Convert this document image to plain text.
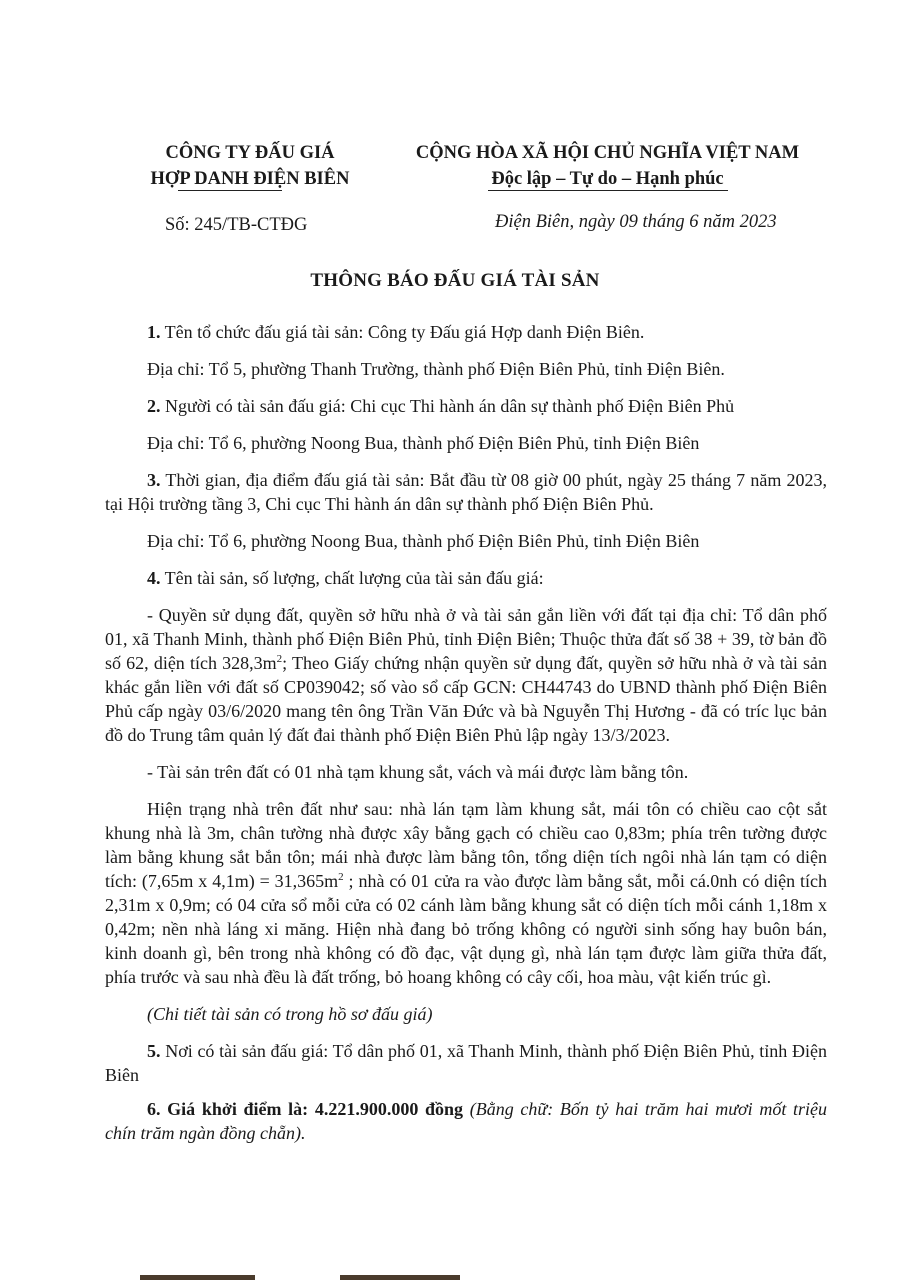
CÔNG TY ĐẤU GIÁ
HỢP DANH ĐIỆN BIÊN
CỘNG HÒA XÃ HỘI CHỦ NGHĨA VIỆT NAM
Độc lập – Tự do – Hạnh phúc
Số: 245/TB-CTĐG	Điện Biên, ngày 09 tháng 6 năm 2023
THÔNG BÁO ĐẤU GIÁ TÀI SẢN

1. Tên tổ chức đấu giá tài sản: Công ty Đấu giá Hợp danh Điện Biên.

Địa chỉ: Tổ 5, phường Thanh Trường, thành phố Điện Biên Phủ, tỉnh Điện Biên.

2. Người có tài sản đấu giá: Chi cục Thi hành án dân sự thành phố Điện Biên Phủ

Địa chỉ: Tổ 6, phường Noong Bua, thành phố Điện Biên Phủ, tỉnh Điện Biên

3. Thời gian, địa điểm đấu giá tài sản: Bắt đầu từ 08 giờ 00 phút, ngày 25 tháng 7 năm 2023, tại Hội trường tầng 3, Chi cục Thi hành án dân sự thành phố Điện Biên Phủ.

Địa chỉ: Tổ 6, phường Noong Bua, thành phố Điện Biên Phủ, tỉnh Điện Biên

4. Tên tài sản, số lượng, chất lượng của tài sản đấu giá:

- Quyền sử dụng đất, quyền sở hữu nhà ở và tài sản gắn liền với đất tại địa chỉ: Tổ dân phố 01, xã Thanh Minh, thành phố Điện Biên Phủ, tỉnh Điện Biên; Thuộc thửa đất số 38 + 39, tờ bản đồ số 62, diện tích $328,3m^2$; Theo Giấy chứng nhận quyền sử dụng đất, quyền sở hữu nhà ở và tài sản khác gắn liền với đất số CP039042; số vào sổ cấp GCN: CH44743 do UBND thành phố Điện Biên Phủ cấp ngày 03/6/2020 mang tên ông Trần Văn Đức và bà Nguyễn Thị Hương - đã có tríc lục bản đồ do Trung tâm quản lý đất đai thành phố Điện Biên Phủ lập ngày 13/3/2023.

- Tài sản trên đất có 01 nhà tạm khung sắt, vách và mái được làm bằng tôn.

Hiện trạng nhà trên đất như sau: nhà lán tạm làm khung sắt, mái tôn có chiều cao cột sắt khung nhà là 3m, chân tường nhà được xây bằng gạch có chiều cao 0,83m; phía trên tường được làm bằng khung sắt bắn tôn; mái nhà được làm bằng tôn, tổng diện tích ngôi nhà lán tạm có diện tích: (7,65m x $4,1m) = 31,365m^2$ ; nhà có 01 cửa ra vào được làm bằng sắt, mỗi cá.0nh có diện tích 2,31m x 0,9m; có 04 cửa sổ mỗi cửa có 02 cánh làm bằng khung sắt có diện tích mỗi cánh 1,18m x 0,42m; nền nhà láng xi măng. Hiện nhà đang bỏ trống không có người sinh sống hay buôn bán, kinh doanh gì, bên trong nhà không có đồ đạc, vật dụng gì, nhà lán tạm được làm giữa thửa đất, phía trước và sau nhà đều là đất trống, bỏ hoang không có cây cối, hoa màu, vật kiến trúc gì.

(Chi tiết tài sản có trong hồ sơ đấu giá)

5. Nơi có tài sản đấu giá: Tổ dân phố 01, xã Thanh Minh, thành phố Điện Biên Phủ, tỉnh Điện Biên

6. Giá khởi điểm là: 4.221.900.000 đồng (Bằng chữ: Bốn tỷ hai trăm hai mươi mốt triệu chín trăm ngàn đồng chẵn).
